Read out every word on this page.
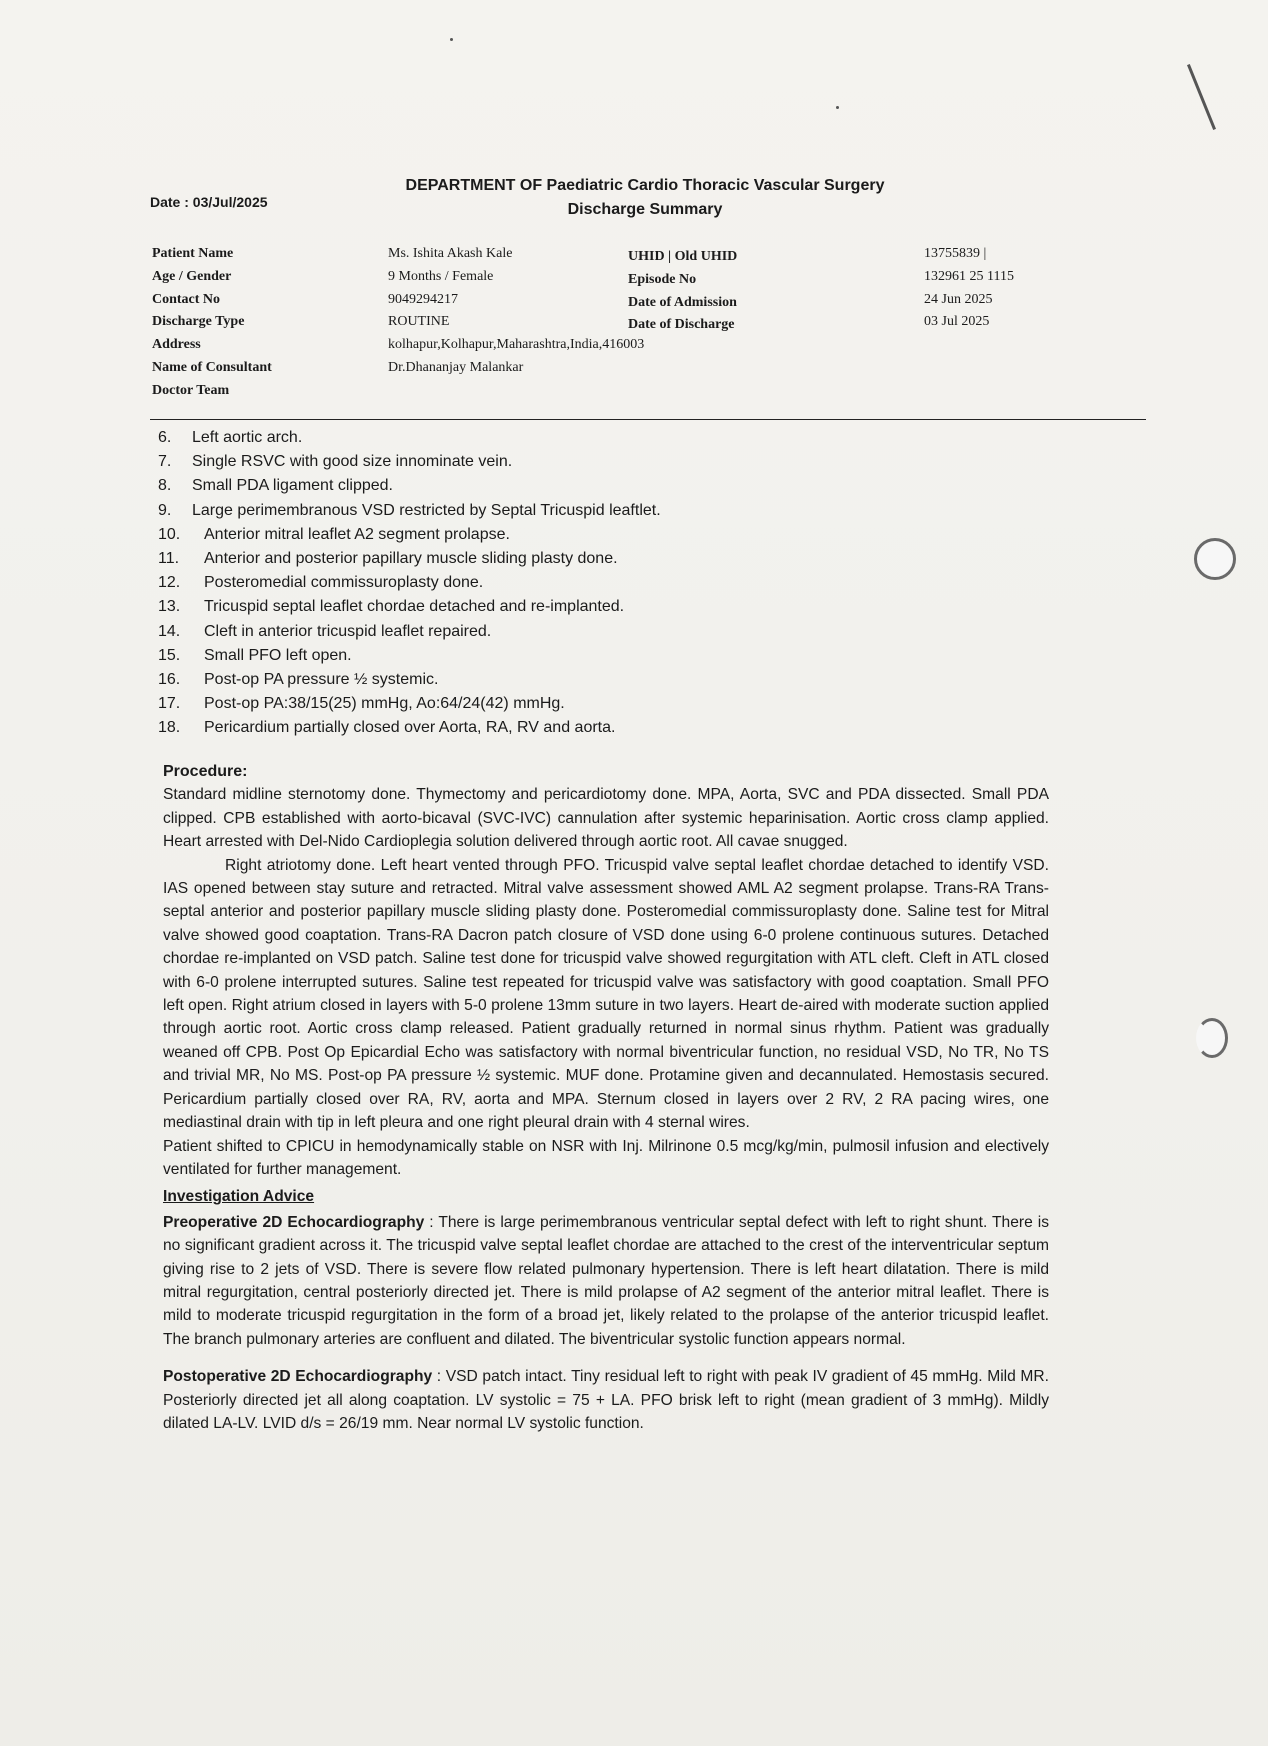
Date : 03/Jul/2025
DEPARTMENT OF Paediatric Cardio Thoracic Vascular Surgery
Discharge Summary
Patient Name
Age / Gender
Contact No
Discharge Type
Address
Name of Consultant
Doctor Team
Ms. Ishita Akash Kale
9 Months / Female
9049294217
ROUTINE
kolhapur,Kolhapur,Maharashtra,India,416003
Dr.Dhananjay Malankar
UHID | Old UHID
Episode No
Date of Admission
Date of Discharge
13755839 |
132961 25 1115
24 Jun 2025
03 Jul 2025
6. Left aortic arch.
7. Single RSVC with good size innominate vein.
8. Small PDA ligament clipped.
9. Large perimembranous VSD restricted by Septal Tricuspid leaftlet.
10. Anterior mitral leaflet A2 segment prolapse.
11. Anterior and posterior papillary muscle sliding plasty done.
12. Posteromedial commissuroplasty done.
13. Tricuspid septal leaflet chordae detached and re-implanted.
14. Cleft in anterior tricuspid leaflet repaired.
15. Small PFO left open.
16. Post-op PA pressure ½ systemic.
17. Post-op PA:38/15(25) mmHg, Ao:64/24(42) mmHg.
18. Pericardium partially closed over Aorta, RA, RV and aorta.

Procedure:

Standard midline sternotomy done. Thymectomy and pericardiotomy done. MPA, Aorta, SVC and PDA dissected. Small PDA clipped. CPB established with aorto-bicaval (SVC-IVC) cannulation after systemic heparinisation. Aortic cross clamp applied. Heart arrested with Del-Nido Cardioplegia solution delivered through aortic root. All cavae snugged.

Right atriotomy done. Left heart vented through PFO. Tricuspid valve septal leaflet chordae detached to identify VSD. IAS opened between stay suture and retracted. Mitral valve assessment showed AML A2 segment prolapse. Trans-RA Trans-septal anterior and posterior papillary muscle sliding plasty done. Posteromedial commissuroplasty done. Saline test for Mitral valve showed good coaptation. Trans-RA Dacron patch closure of VSD done using 6-0 prolene continuous sutures. Detached chordae re-implanted on VSD patch. Saline test done for tricuspid valve showed regurgitation with ATL cleft. Cleft in ATL closed with 6-0 prolene interrupted sutures. Saline test repeated for tricuspid valve was satisfactory with good coaptation. Small PFO left open. Right atrium closed in layers with 5-0 prolene 13mm suture in two layers. Heart de-aired with moderate suction applied through aortic root. Aortic cross clamp released. Patient gradually returned in normal sinus rhythm. Patient was gradually weaned off CPB. Post Op Epicardial Echo was satisfactory with normal biventricular function, no residual VSD, No TR, No TS and trivial MR, No MS. Post-op PA pressure ½ systemic. MUF done. Protamine given and decannulated. Hemostasis secured. Pericardium partially closed over RA, RV, aorta and MPA. Sternum closed in layers over 2 RV, 2 RA pacing wires, one mediastinal drain with tip in left pleura and one right pleural drain with 4 sternal wires.

Patient shifted to CPICU in hemodynamically stable on NSR with Inj. Milrinone 0.5 mcg/kg/min, pulmosil infusion and electively ventilated for further management.

Investigation Advice

Preoperative 2D Echocardiography : There is large perimembranous ventricular septal defect with left to right shunt. There is no significant gradient across it. The tricuspid valve septal leaflet chordae are attached to the crest of the interventricular septum giving rise to 2 jets of VSD. There is severe flow related pulmonary hypertension. There is left heart dilatation. There is mild mitral regurgitation, central posteriorly directed jet. There is mild prolapse of A2 segment of the anterior mitral leaflet. There is mild to moderate tricuspid regurgitation in the form of a broad jet, likely related to the prolapse of the anterior tricuspid leaflet. The branch pulmonary arteries are confluent and dilated. The biventricular systolic function appears normal.

Postoperative 2D Echocardiography : VSD patch intact. Tiny residual left to right with peak IV gradient of 45 mmHg. Mild MR. Posteriorly directed jet all along coaptation. LV systolic = 75 + LA. PFO brisk left to right (mean gradient of 3 mmHg). Mildly dilated LA-LV. LVID d/s = 26/19 mm. Near normal LV systolic function.
